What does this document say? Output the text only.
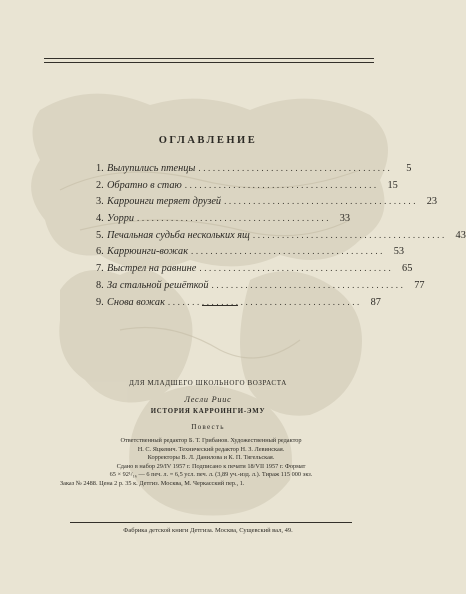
ОГЛАВЛЕНИЕ
1. Вылупились птенцы ........................................	5
2. Обратно в стаю ........................................ 15
3. Карроинги теряет друзей ........................................ 23
4. Уорри ........................................ 33
5. Печальная судьба нескольких ящ ........................................ 43
6. Каррюинги-вожак ........................................ 53
7. Выстрел на равнине ........................................ 65
8. За стальной решёткой ........................................ 77
9. Снова вожак ........................................ 87
ДЛЯ МЛАДШЕГО ШКОЛЬНОГО ВОЗРАСТА
Лесли Риис
ИСТОРИЯ КАРРОИНГИ-ЭМУ
Повесть
Ответственный редактор Б. Т. Грибанов. Художественный редактор
Н. С. Яцкевич. Технический редактор Н. З. Левинская.
Корректоры В. Л. Данилова и К. П. Тягельская.
Сдано в набор 29/IV 1957 г. Подписано к печати 18/VII 1957 г. Формат
65 × 92¹/₁₆ — 6 печ. л. = 6,5 усл. печ. л. (3,89 уч.-изд. л.). Тираж 115 000 экз.
Заказ № 2488. Цена 2 р. 35 к. Детгиз. Москва, М. Черкасский пер., 1.
Фабрика детской книги Детгиза. Москва, Сущевский вал, 49.
